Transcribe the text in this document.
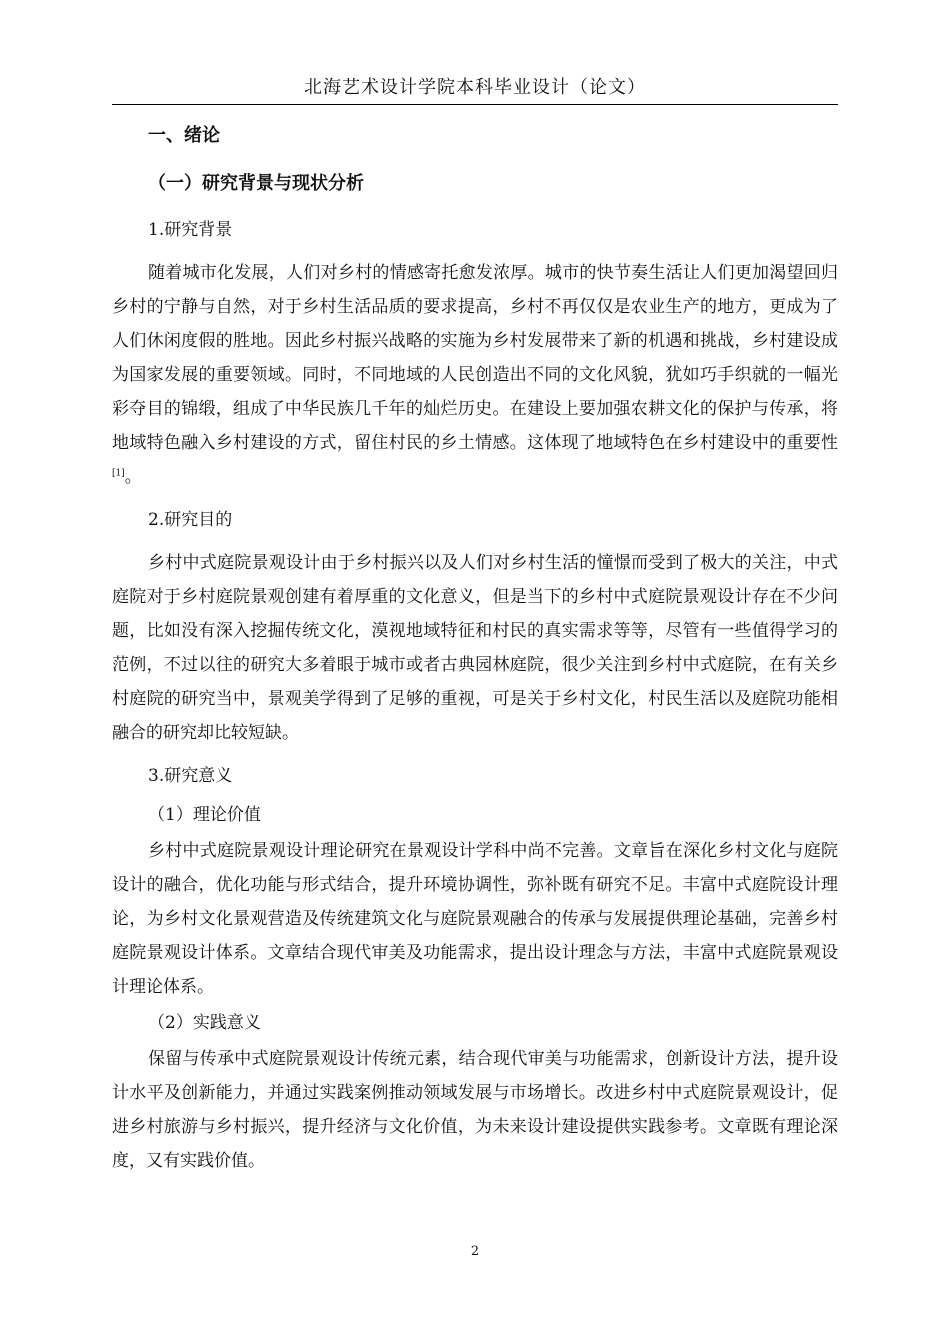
北海艺术设计学院本科毕业设计（论文）
一、绪论
（一）研究背景与现状分析
1.研究背景

随着城市化发展，人们对乡村的情感寄托愈发浓厚。城市的快节奏生活让人们更加渴望回归乡村的宁静与自然，对于乡村生活品质的要求提高，乡村不再仅仅是农业生产的地方，更成为了人们休闲度假的胜地。因此乡村振兴战略的实施为乡村发展带来了新的机遇和挑战，乡村建设成为国家发展的重要领域。同时，不同地域的人民创造出不同的文化风貌，犹如巧手织就的一幅光彩夺目的锦缎，组成了中华民族几千年的灿烂历史。在建设上要加强农耕文化的保护与传承，将地域特色融入乡村建设的方式，留住村民的乡土情感。这体现了地域特色在乡村建设中的重要性[1]。

2.研究目的

乡村中式庭院景观设计由于乡村振兴以及人们对乡村生活的憧憬而受到了极大的关注，中式庭院对于乡村庭院景观创建有着厚重的文化意义，但是当下的乡村中式庭院景观设计存在不少问题，比如没有深入挖掘传统文化，漠视地域特征和村民的真实需求等等，尽管有一些值得学习的范例，不过以往的研究大多着眼于城市或者古典园林庭院，很少关注到乡村中式庭院，在有关乡村庭院的研究当中，景观美学得到了足够的重视，可是关于乡村文化，村民生活以及庭院功能相融合的研究却比较短缺。

3.研究意义
（1）理论价值

乡村中式庭院景观设计理论研究在景观设计学科中尚不完善。文章旨在深化乡村文化与庭院设计的融合，优化功能与形式结合，提升环境协调性，弥补既有研究不足。丰富中式庭院设计理论，为乡村文化景观营造及传统建筑文化与庭院景观融合的传承与发展提供理论基础，完善乡村庭院景观设计体系。文章结合现代审美及功能需求，提出设计理念与方法，丰富中式庭院景观设计理论体系。

（2）实践意义

保留与传承中式庭院景观设计传统元素，结合现代审美与功能需求，创新设计方法，提升设计水平及创新能力，并通过实践案例推动领域发展与市场增长。改进乡村中式庭院景观设计，促进乡村旅游与乡村振兴，提升经济与文化价值，为未来设计建设提供实践参考。文章既有理论深度，又有实践价值。

2
